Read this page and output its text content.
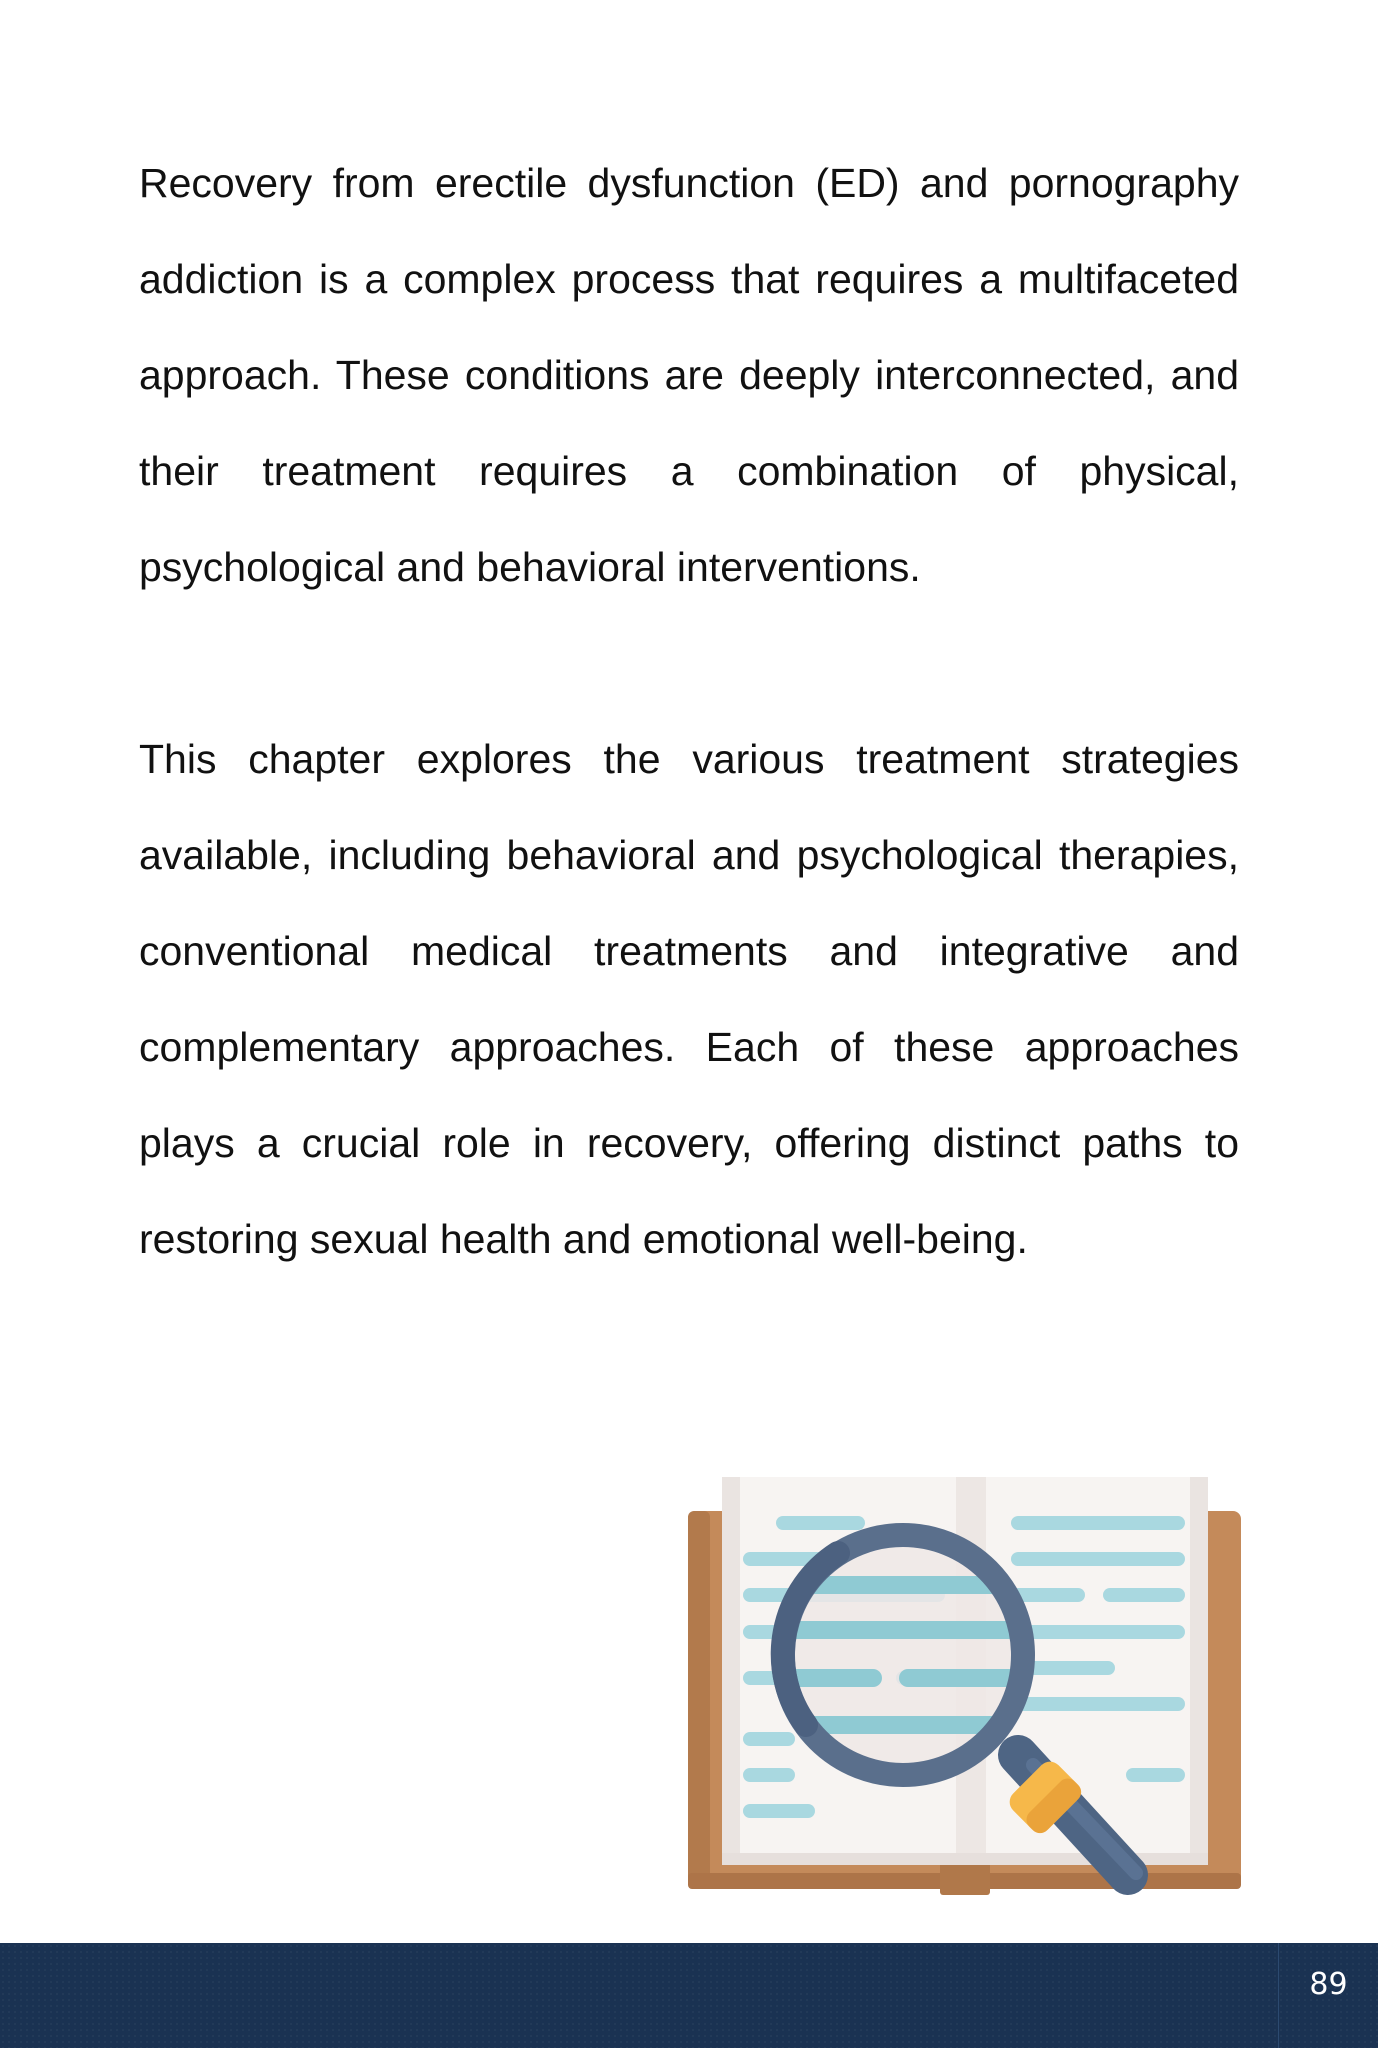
Recovery from erectile dysfunction (ED) and pornography addiction is a complex process that requires a multifaceted approach. These conditions are deeply interconnected, and their treatment requires a combination of physical, psychological and behavioral interventions.

This chapter explores the various treatment strategies available, including behavioral and psychological therapies, conventional medical treatments and integrative and complementary approaches. Each of these approaches plays a crucial role in recovery, offering distinct paths to restoring sexual health and emotional well-being.

89
